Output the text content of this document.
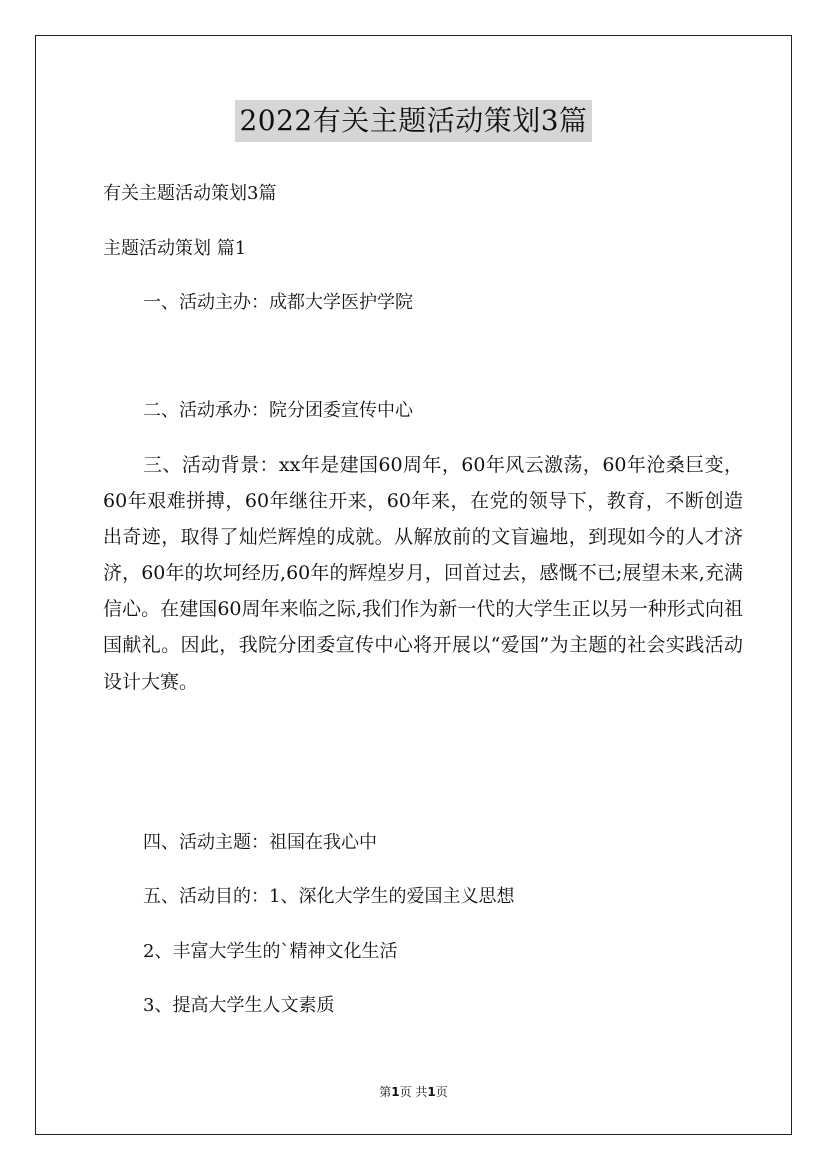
2022有关主题活动策划3篇
有关主题活动策划3篇
主题活动策划 篇1
一、活动主办：成都大学医护学院
二、活动承办：院分团委宣传中心

三、活动背景：xx年是建国60周年，60年风云激荡，60年沧桑巨变，60年艰难拼搏，60年继往开来，60年来，在党的领导下，教育，不断创造出奇迹，取得了灿烂辉煌的成就。从解放前的文盲遍地，到现如今的人才济济，60年的坎坷经历,60年的辉煌岁月，回首过去，感慨不已;展望未来,充满信心。在建国60周年来临之际,我们作为新一代的大学生正以另一种形式向祖国献礼。因此，我院分团委宣传中心将开展以“爱国”为主题的社会实践活动设计大赛。

四、活动主题：祖国在我心中
五、活动目的：1、深化大学生的爱国主义思想
2、丰富大学生的`精神文化生活
3、提高大学生人文素质
第1页 共1页
